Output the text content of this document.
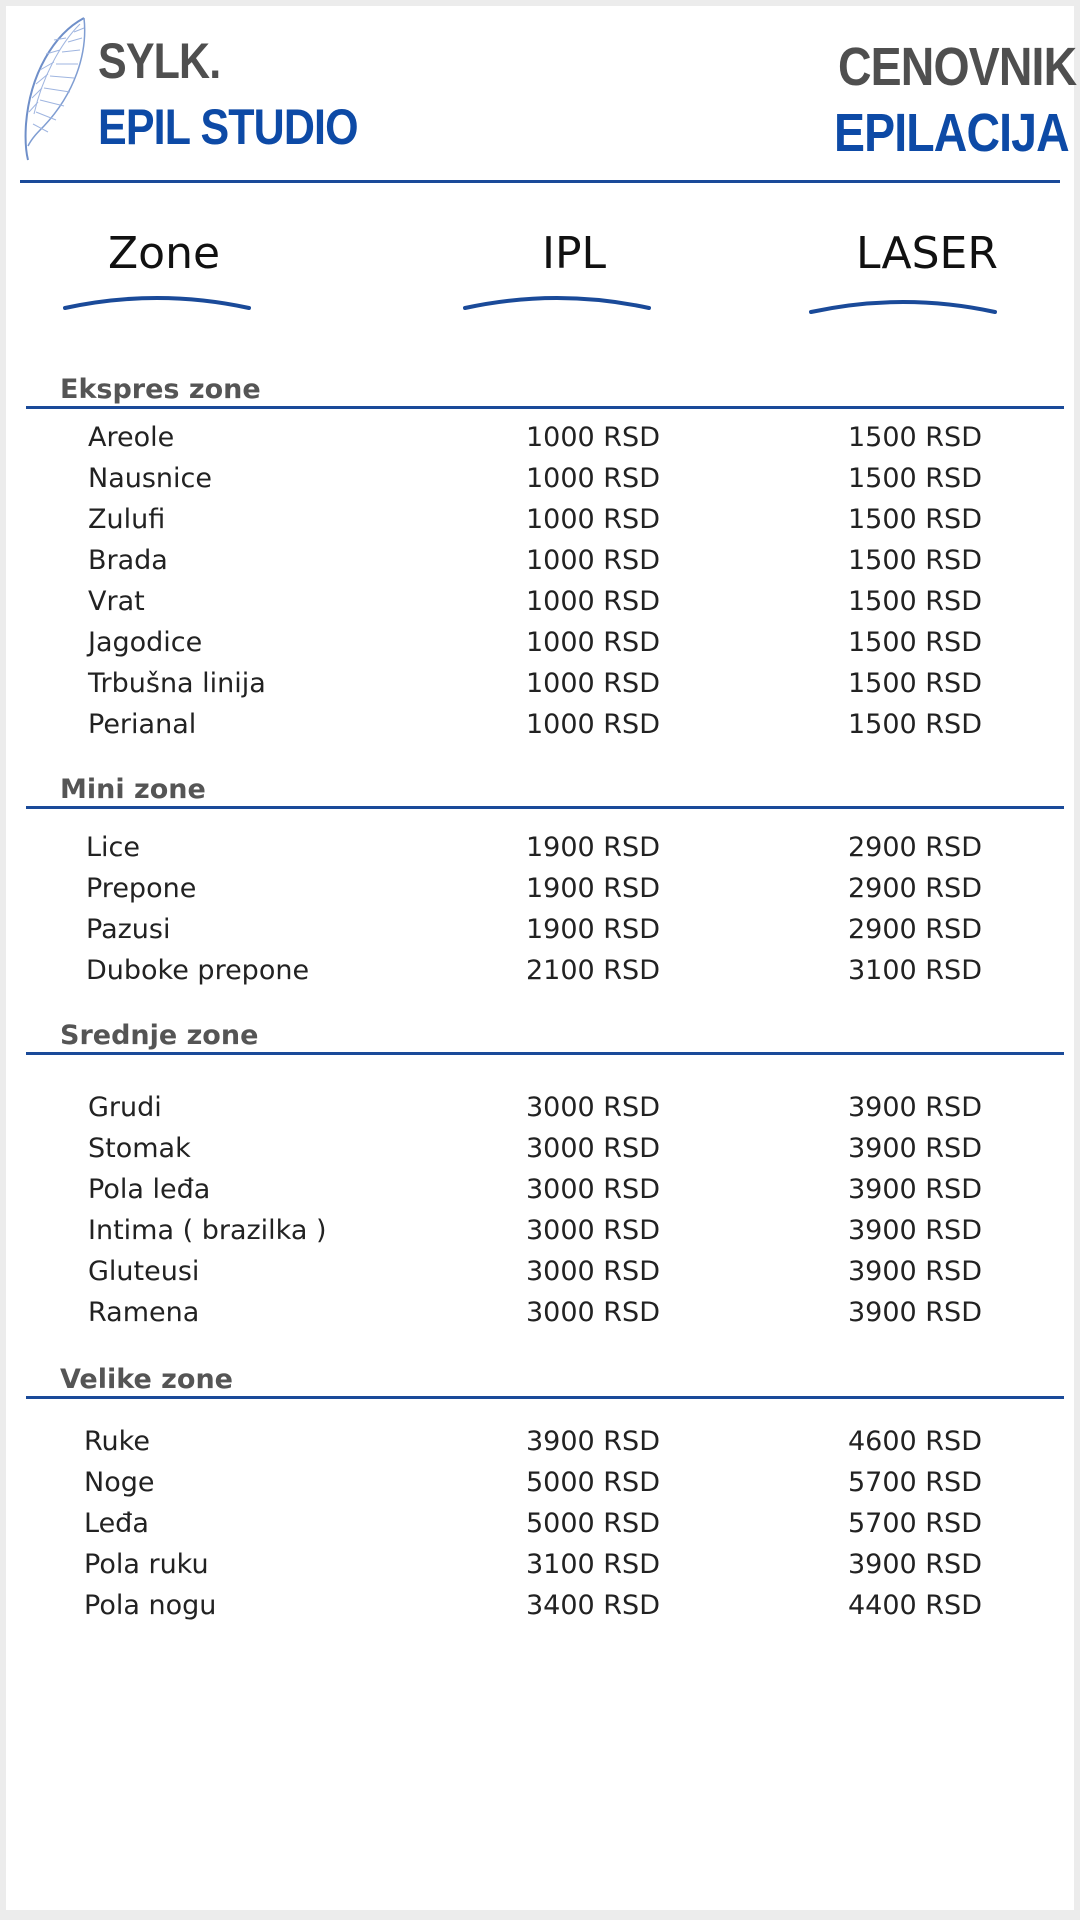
SYLK.
EPIL STUDIO
CENOVNIK
EPILACIJA
Zone	IPL	LASER
Ekspres zone
Areole	1000 RSD	1500 RSD
Nausnice	1000 RSD	1500 RSD
Zulufi	1000 RSD	1500 RSD
Brada	1000 RSD	1500 RSD
Vrat	1000 RSD	1500 RSD
Jagodice	1000 RSD	1500 RSD
Trbušna linija	1000 RSD	1500 RSD
Perianal	1000 RSD	1500 RSD
Mini zone
Lice	1900 RSD	2900 RSD
Prepone	1900 RSD	2900 RSD
Pazusi	1900 RSD	2900 RSD
Duboke prepone	2100 RSD	3100 RSD
Srednje zone
Grudi	3000 RSD	3900 RSD
Stomak	3000 RSD	3900 RSD
Pola leđa	3000 RSD	3900 RSD
Intima ( brazilka )	3000 RSD	3900 RSD
Gluteusi	3000 RSD	3900 RSD
Ramena	3000 RSD	3900 RSD
Velike zone
Ruke	3900 RSD	4600 RSD
Noge	5000 RSD	5700 RSD
Leđa	5000 RSD	5700 RSD
Pola ruku	3100 RSD	3900 RSD
Pola nogu	3400 RSD	4400 RSD
